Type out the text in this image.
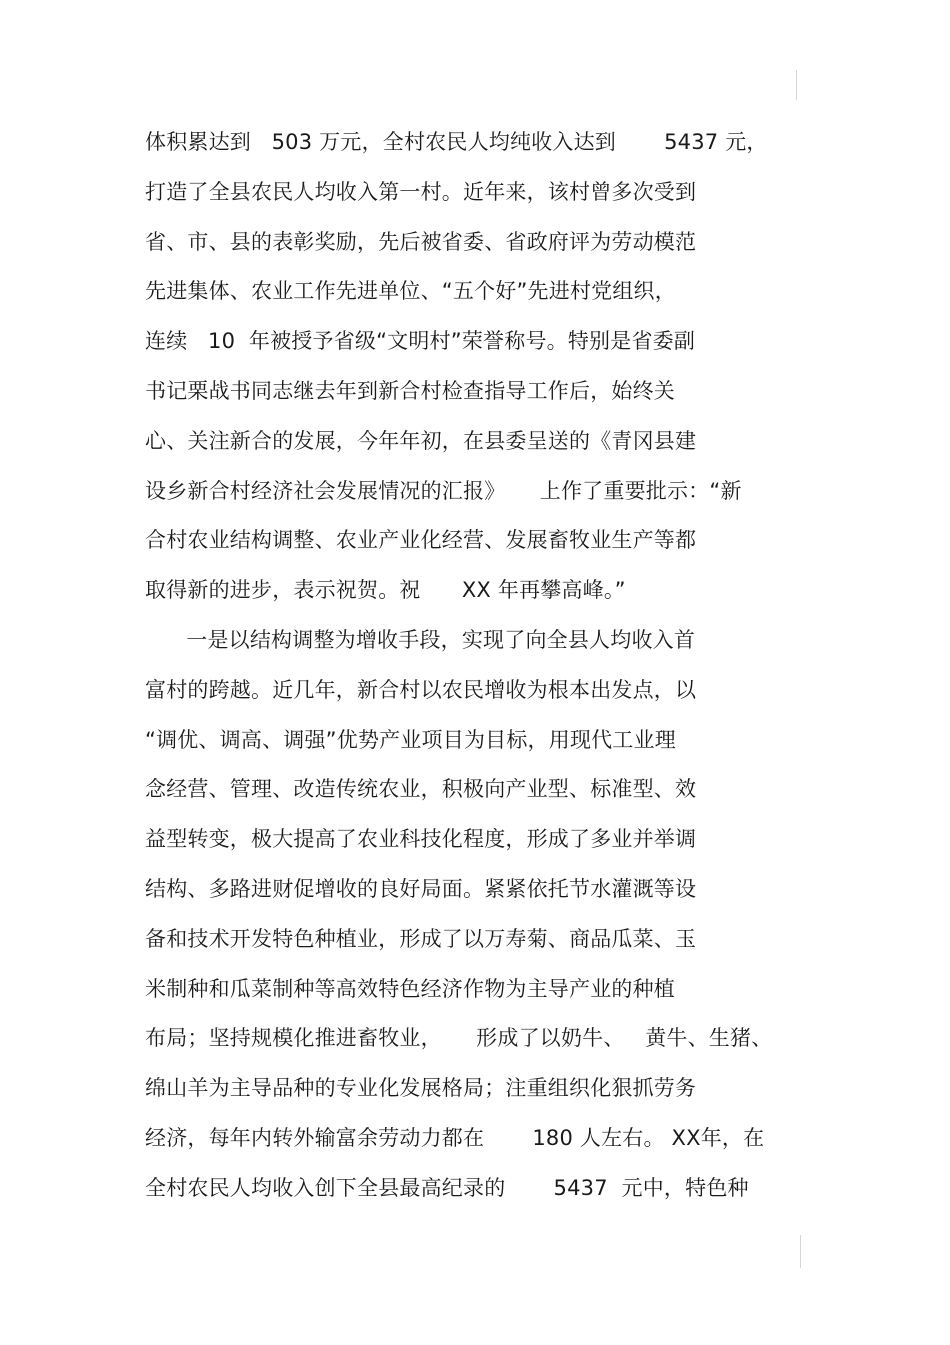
体积累达到   503 万元，全村农民人均纯收入达到       5437 元，
打造了全县农民人均收入第一村。近年来，该村曾多次受到
省、市、县的表彰奖励，先后被省委、省政府评为劳动模范
先进集体、农业工作先进单位、“五个好”先进村党组织，
连续   10  年被授予省级“文明村”荣誉称号。特别是省委副
书记栗战书同志继去年到新合村检查指导工作后，始终关
心、关注新合的发展，今年年初，在县委呈送的《青冈县建
设乡新合村经济社会发展情况的汇报》     上作了重要批示：“新
合村农业结构调整、农业产业化经营、发展畜牧业生产等都
取得新的进步，表示祝贺。祝      XX 年再攀高峰。”
一是以结构调整为增收手段，实现了向全县人均收入首
富村的跨越。近几年，新合村以农民增收为根本出发点，以
“调优、调高、调强”优势产业项目为目标，用现代工业理
念经营、管理、改造传统农业，积极向产业型、标准型、效
益型转变，极大提高了农业科技化程度，形成了多业并举调
结构、多路进财促增收的良好局面。紧紧依托节水灌溉等设
备和技术开发特色种植业，形成了以万寿菊、商品瓜菜、玉
米制种和瓜菜制种等高效特色经济作物为主导产业的种植
布局；坚持规模化推进畜牧业，     形成了以奶牛、   黄牛、生猪、
绵山羊为主导品种的专业化发展格局；注重组织化狠抓劳务
经济，每年内转外输富余劳动力都在       180 人左右。 XX年，在
全村农民人均收入创下全县最高纪录的       5437  元中，特色种
